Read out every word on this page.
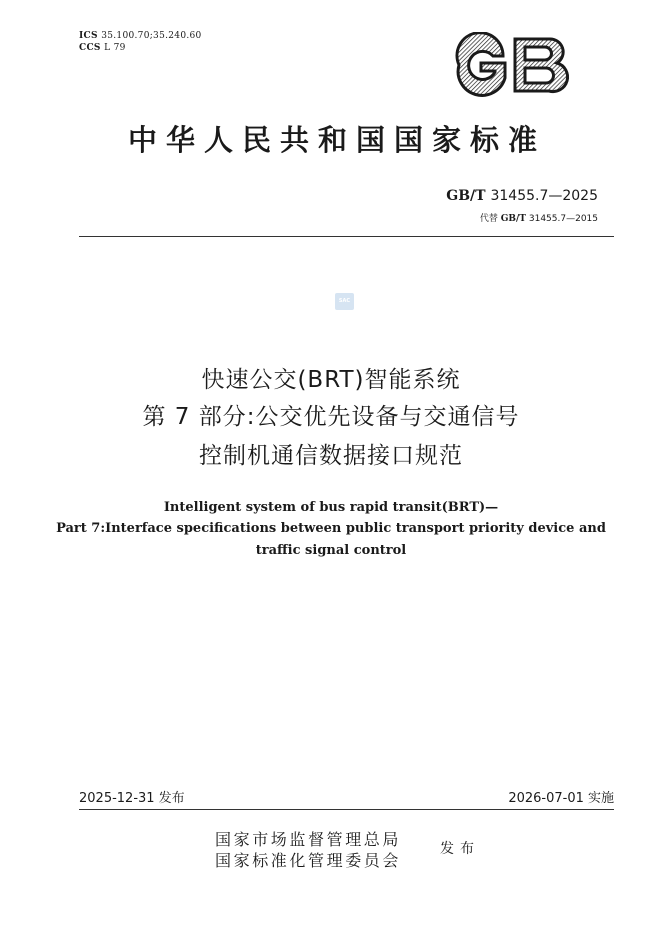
ICS 35.100.70;35.240.60
CCS L 79
中华人民共和国国家标准
GB/T 31455.7—2025
代替 GB/T 31455.7—2015
SAC
快速公交(BRT)智能系统
第 7 部分:公交优先设备与交通信号
控制机通信数据接口规范
Intelligent system of bus rapid transit(BRT)—
Part 7:Interface specifications between public transport priority device and
traffic signal control
2025-12-31 发布	2026-07-01 实施
国家市场监督管理总局
国家标准化管理委员会
发布
